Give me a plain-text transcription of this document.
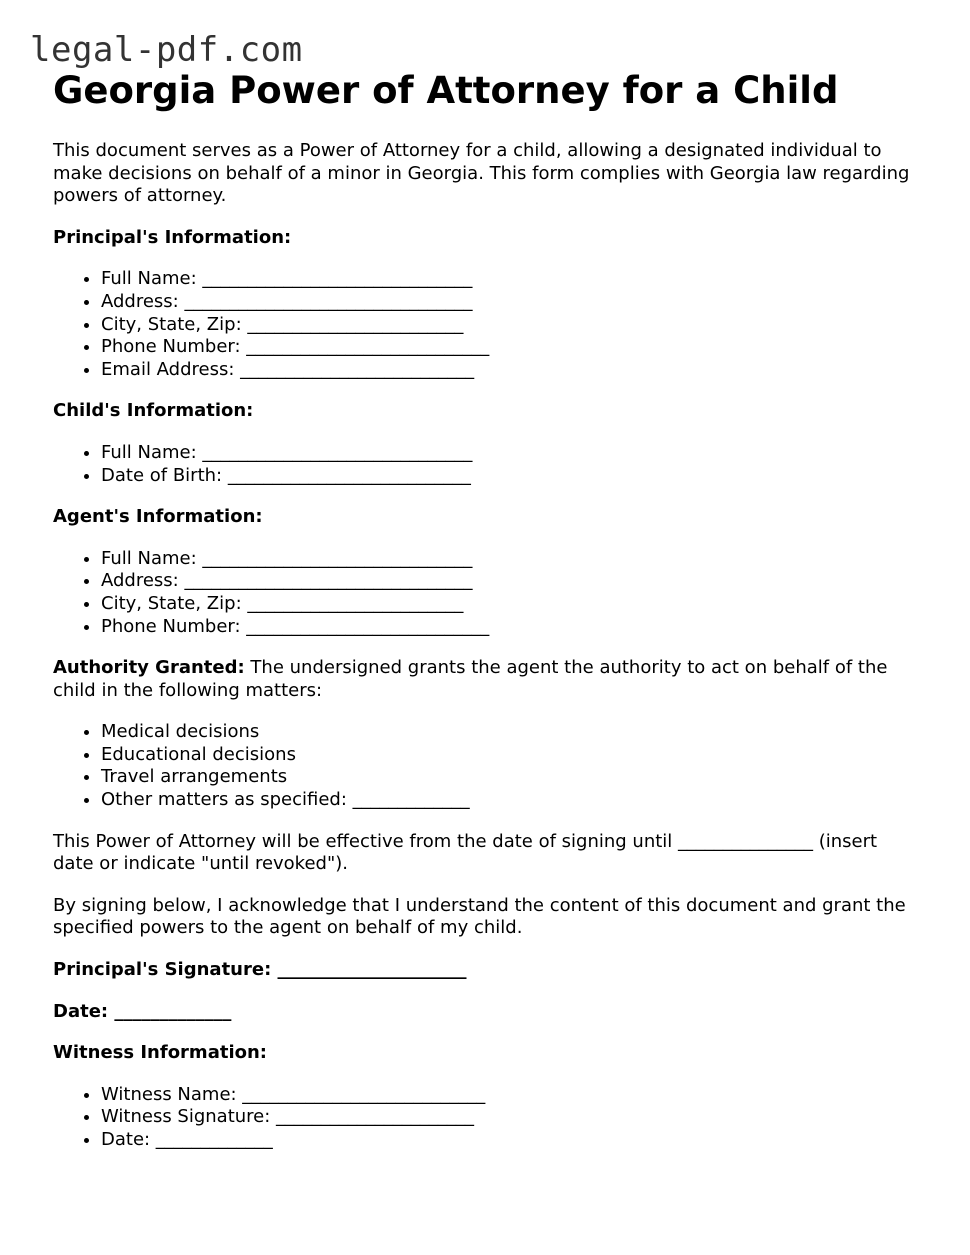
legal-pdf.com
Georgia Power of Attorney for a Child

This document serves as a Power of Attorney for a child, allowing a designated individual to make decisions on behalf of a minor in Georgia. This form complies with Georgia law regarding powers of attorney.

Principal's Information:

• Full Name: ______________________________
• Address: ________________________________
• City, State, Zip: ________________________
• Phone Number: ___________________________
• Email Address: __________________________

Child's Information:

• Full Name: ______________________________
• Date of Birth: ___________________________

Agent's Information:

• Full Name: ______________________________
• Address: ________________________________
• City, State, Zip: ________________________
• Phone Number: ___________________________

Authority Granted: The undersigned grants the agent the authority to act on behalf of the child in the following matters:

• Medical decisions
• Educational decisions
• Travel arrangements
• Other matters as specified: _____________

This Power of Attorney will be effective from the date of signing until _______________ (insert date or indicate "until revoked").

By signing below, I acknowledge that I understand the content of this document and grant the specified powers to the agent on behalf of my child.

Principal's Signature: _____________________

Date: _____________

Witness Information:

• Witness Name: ___________________________
• Witness Signature: ______________________
• Date: _____________
